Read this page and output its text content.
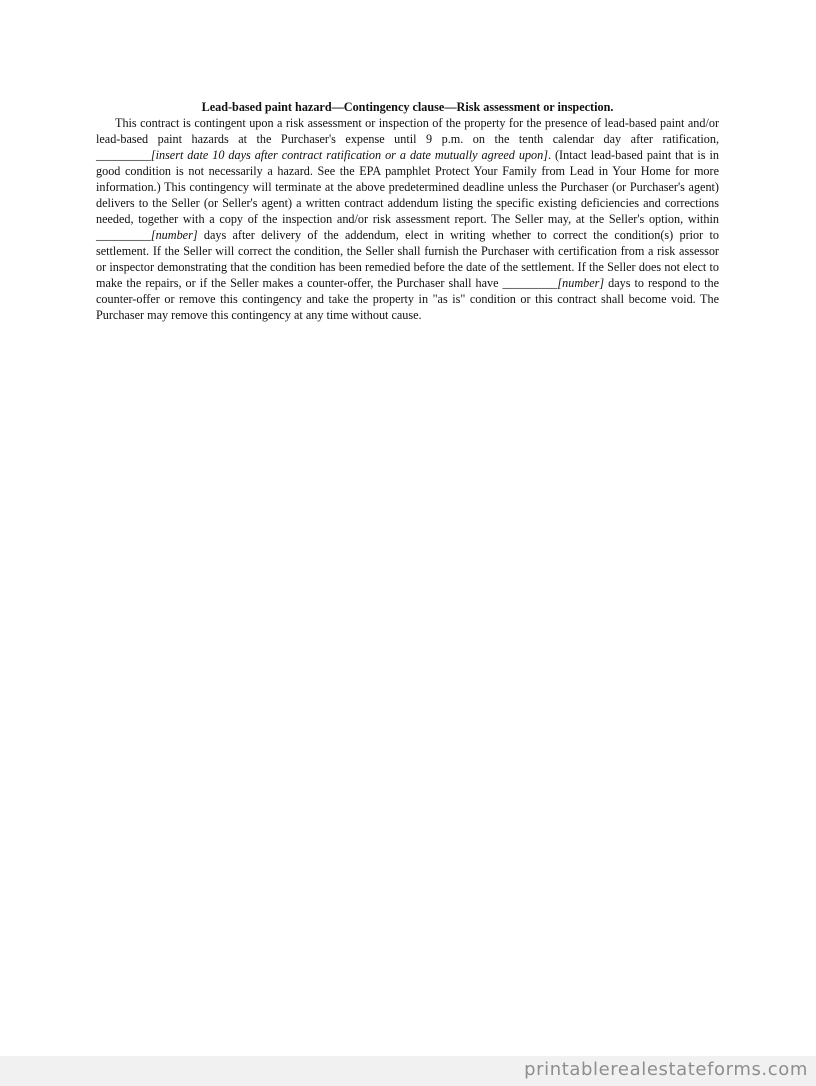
Lead-based paint hazard—Contingency clause—Risk assessment or inspection.

This contract is contingent upon a risk assessment or inspection of the property for the presence of lead-based paint and/or lead-based paint hazards at the Purchaser's expense until 9 p.m. on the tenth calendar day after ratification, _________[insert date 10 days after contract ratification or a date mutually agreed upon]. (Intact lead-based paint that is in good condition is not necessarily a hazard. See the EPA pamphlet Protect Your Family from Lead in Your Home for more information.) This contingency will terminate at the above predetermined deadline unless the Purchaser (or Purchaser's agent) delivers to the Seller (or Seller's agent) a written contract addendum listing the specific existing deficiencies and corrections needed, together with a copy of the inspection and/or risk assessment report. The Seller may, at the Seller's option, within _________[number] days after delivery of the addendum, elect in writing whether to correct the condition(s) prior to settlement. If the Seller will correct the condition, the Seller shall furnish the Purchaser with certification from a risk assessor or inspector demonstrating that the condition has been remedied before the date of the settlement. If the Seller does not elect to make the repairs, or if the Seller makes a counter-offer, the Purchaser shall have _________[number] days to respond to the counter-offer or remove this contingency and take the property in "as is" condition or this contract shall become void. The Purchaser may remove this contingency at any time without cause.

printablerealestateforms.com
